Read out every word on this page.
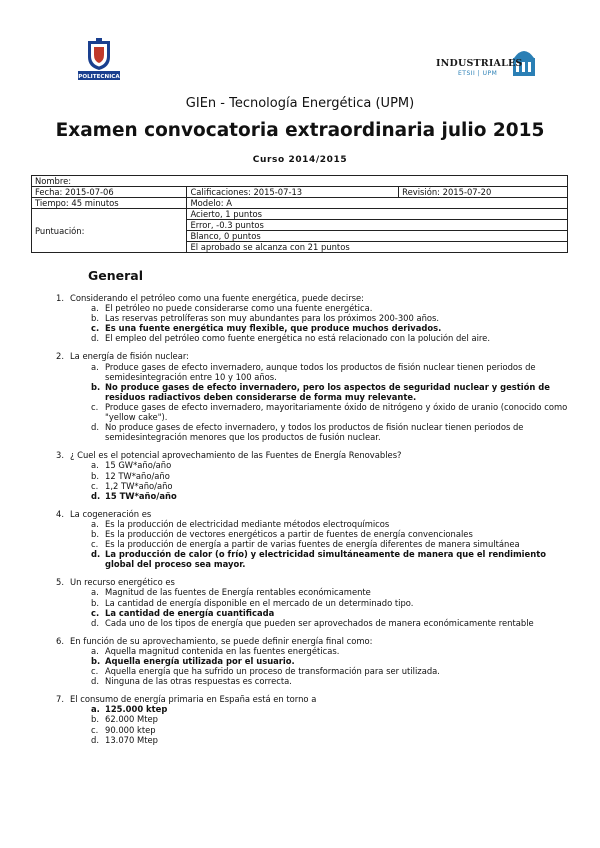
POLITECNICA
INDUSTRIALES
ETSII | UPM
GIEn - Tecnología Energética (UPM)
Examen convocatoria extraordinaria julio 2015
Curso 2014/2015
Nombre:		
Fecha: 2015-07-06	Calificaciones: 2015-07-13	Revisión: 2015-07-20
Tiempo: 45 minutos	Modelo: A	
Puntuación:	Acierto, 1 puntos	
	Error, -0.3 puntos	
	Blanco, 0 puntos	
	El aprobado se alcanza con 21 puntos	
General
1. Considerando el petróleo como una fuente energética, puede decirse:
a. El petróleo no puede considerarse como una fuente energética.
b. Las reservas petrolíferas son muy abundantes para los próximos 200-300 años.
c. Es una fuente energética muy flexible, que produce muchos derivados.
d. El empleo del petróleo como fuente energética no está relacionado con la polución del aire.
2. La energía de fisión nuclear:
a. Produce gases de efecto invernadero, aunque todos los productos de fisión nuclear tienen periodos de semidesintegración entre 10 y 100 años.
b. No produce gases de efecto invernadero, pero los aspectos de seguridad nuclear y gestión de residuos radiactivos deben considerarse de forma muy relevante.
c. Produce gases de efecto invernadero, mayoritariamente óxido de nitrógeno y óxido de uranio (conocido como "yellow cake").
d. No produce gases de efecto invernadero, y todos los productos de fisión nuclear tienen periodos de semidesintegración menores que los productos de fusión nuclear.
3. ¿ Cuel es el potencial aprovechamiento de las Fuentes de Energía Renovables?
a. 15 GW*año/año
b. 12 TW*año/año
c. 1,2 TW*año/año
d. 15 TW*año/año
4. La cogeneración es
a. Es la producción de electricidad mediante métodos electroquímicos
b. Es la producción de vectores energéticos a partir de fuentes de energía convencionales
c. Es la producción de energía a partir de varias fuentes de energía diferentes de manera simultánea
d. La producción de calor (o frío) y electricidad simultáneamente de manera que el rendimiento global del proceso sea mayor.
5. Un recurso energético es
a. Magnitud de las fuentes de Energía rentables económicamente
b. La cantidad de energía disponible en el mercado de un determinado tipo.
c. La cantidad de energía cuantificada
d. Cada uno de los tipos de energía que pueden ser aprovechados de manera económicamente rentable
6. En función de su aprovechamiento, se puede definir energía final como:
a. Aquella magnitud contenida en las fuentes energéticas.
b. Aquella energía utilizada por el usuario.
c. Aquella energía que ha sufrido un proceso de transformación para ser utilizada.
d. Ninguna de las otras respuestas es correcta.
7. El consumo de energía primaria en España está en torno a
a. 125.000 ktep
b. 62.000 Mtep
c. 90.000 ktep
d. 13.070 Mtep
